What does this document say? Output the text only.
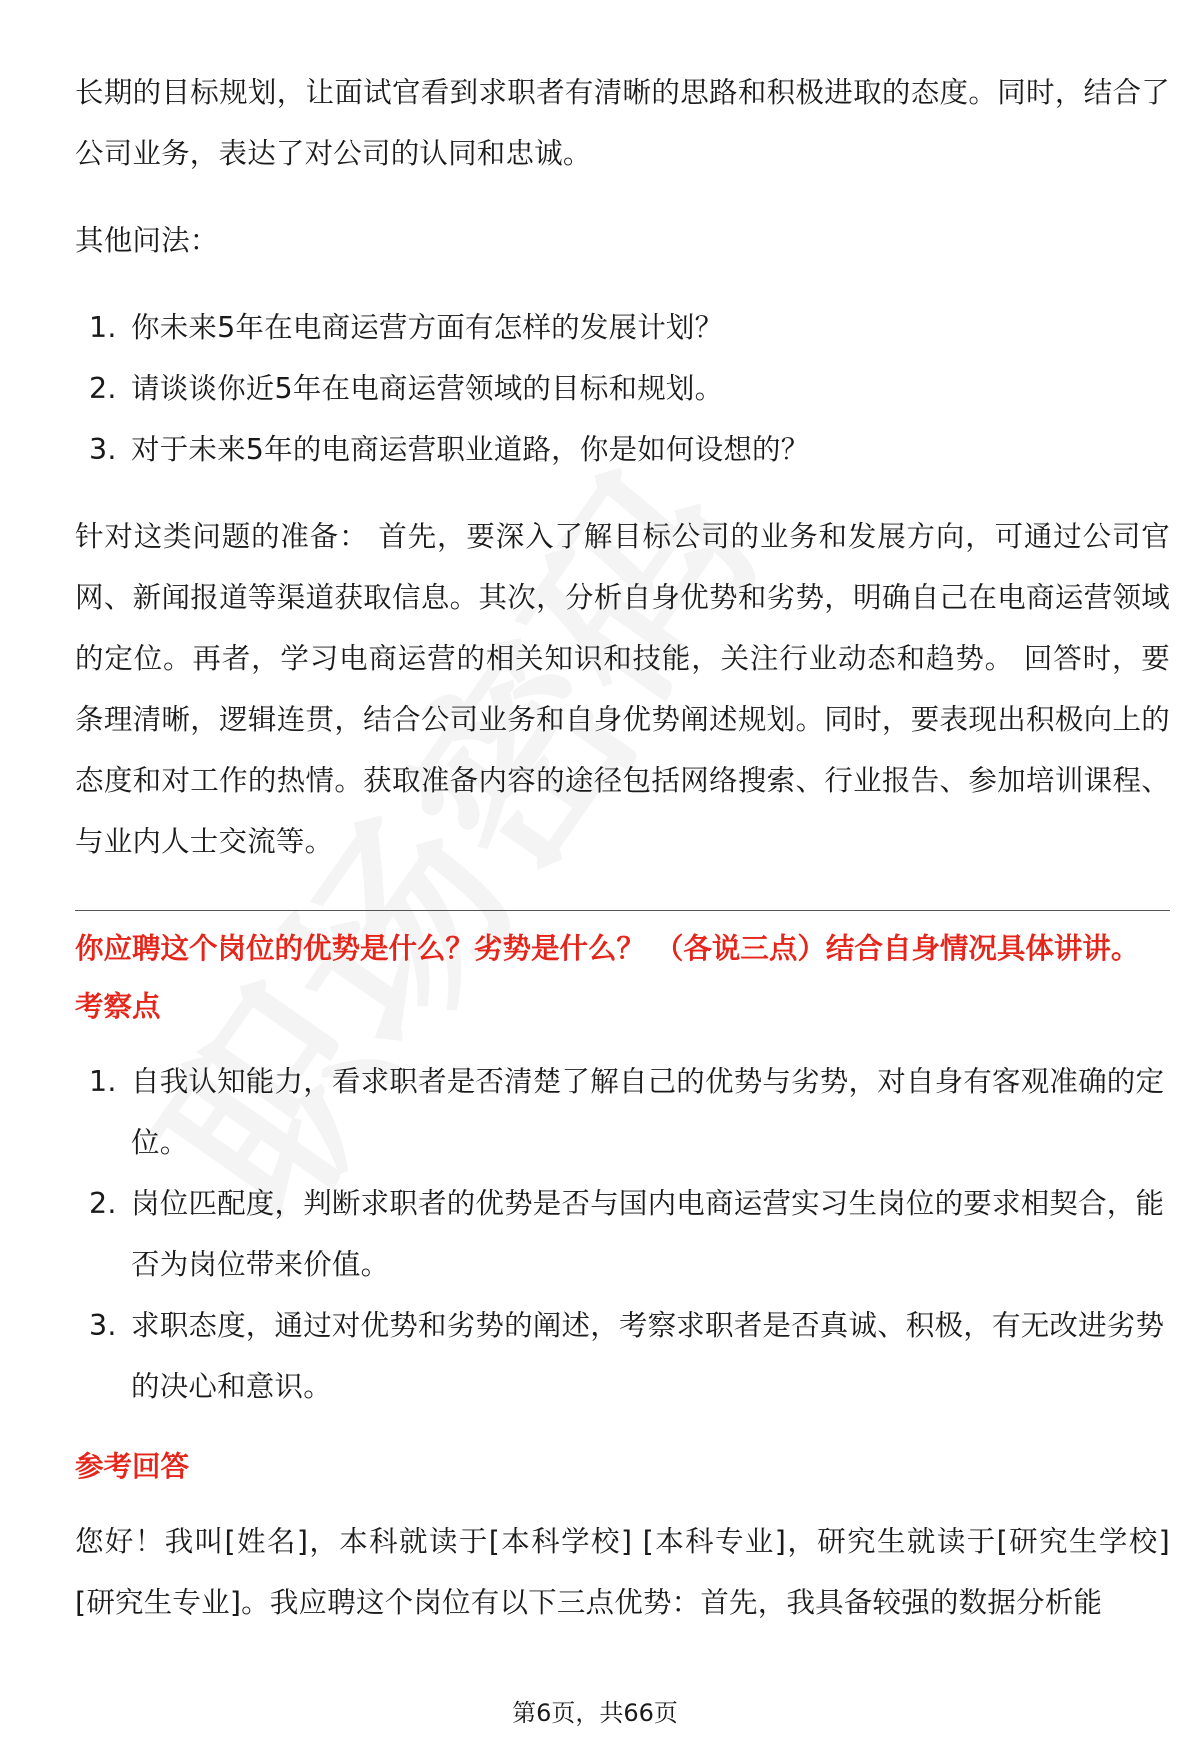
长期的目标规划，让面试官看到求职者有清晰的思路和积极进取的态度。同时，结合了公司业务，表达了对公司的认同和忠诚。

其他问法：

1. 你未来5年在电商运营方面有怎样的发展计划？
2. 请谈谈你近5年在电商运营领域的目标和规划。
3. 对于未来5年的电商运营职业道路，你是如何设想的？

针对这类问题的准备： 首先，要深入了解目标公司的业务和发展方向，可通过公司官网、新闻报道等渠道获取信息。其次，分析自身优势和劣势，明确自己在电商运营领域的定位。再者，学习电商运营的相关知识和技能，关注行业动态和趋势。 回答时，要条理清晰，逻辑连贯，结合公司业务和自身优势阐述规划。同时，要表现出积极向上的态度和对工作的热情。获取准备内容的途径包括网络搜索、行业报告、参加培训课程、与业内人士交流等。

你应聘这个岗位的优势是什么？劣势是什么？ （各说三点）结合自身情况具体讲讲。

考察点

1. 自我认知能力，看求职者是否清楚了解自己的优势与劣势，对自身有客观准确的定位。
2. 岗位匹配度，判断求职者的优势是否与国内电商运营实习生岗位的要求相契合，能否为岗位带来价值。
3. 求职态度，通过对优势和劣势的阐述，考察求职者是否真诚、积极，有无改进劣势的决心和意识。

参考回答

您好！我叫[姓名]，本科就读于[本科学校] [本科专业]，研究生就读于[研究生学校] [研究生专业]。我应聘这个岗位有以下三点优势：首先，我具备较强的数据分析能

第6页，共66页
